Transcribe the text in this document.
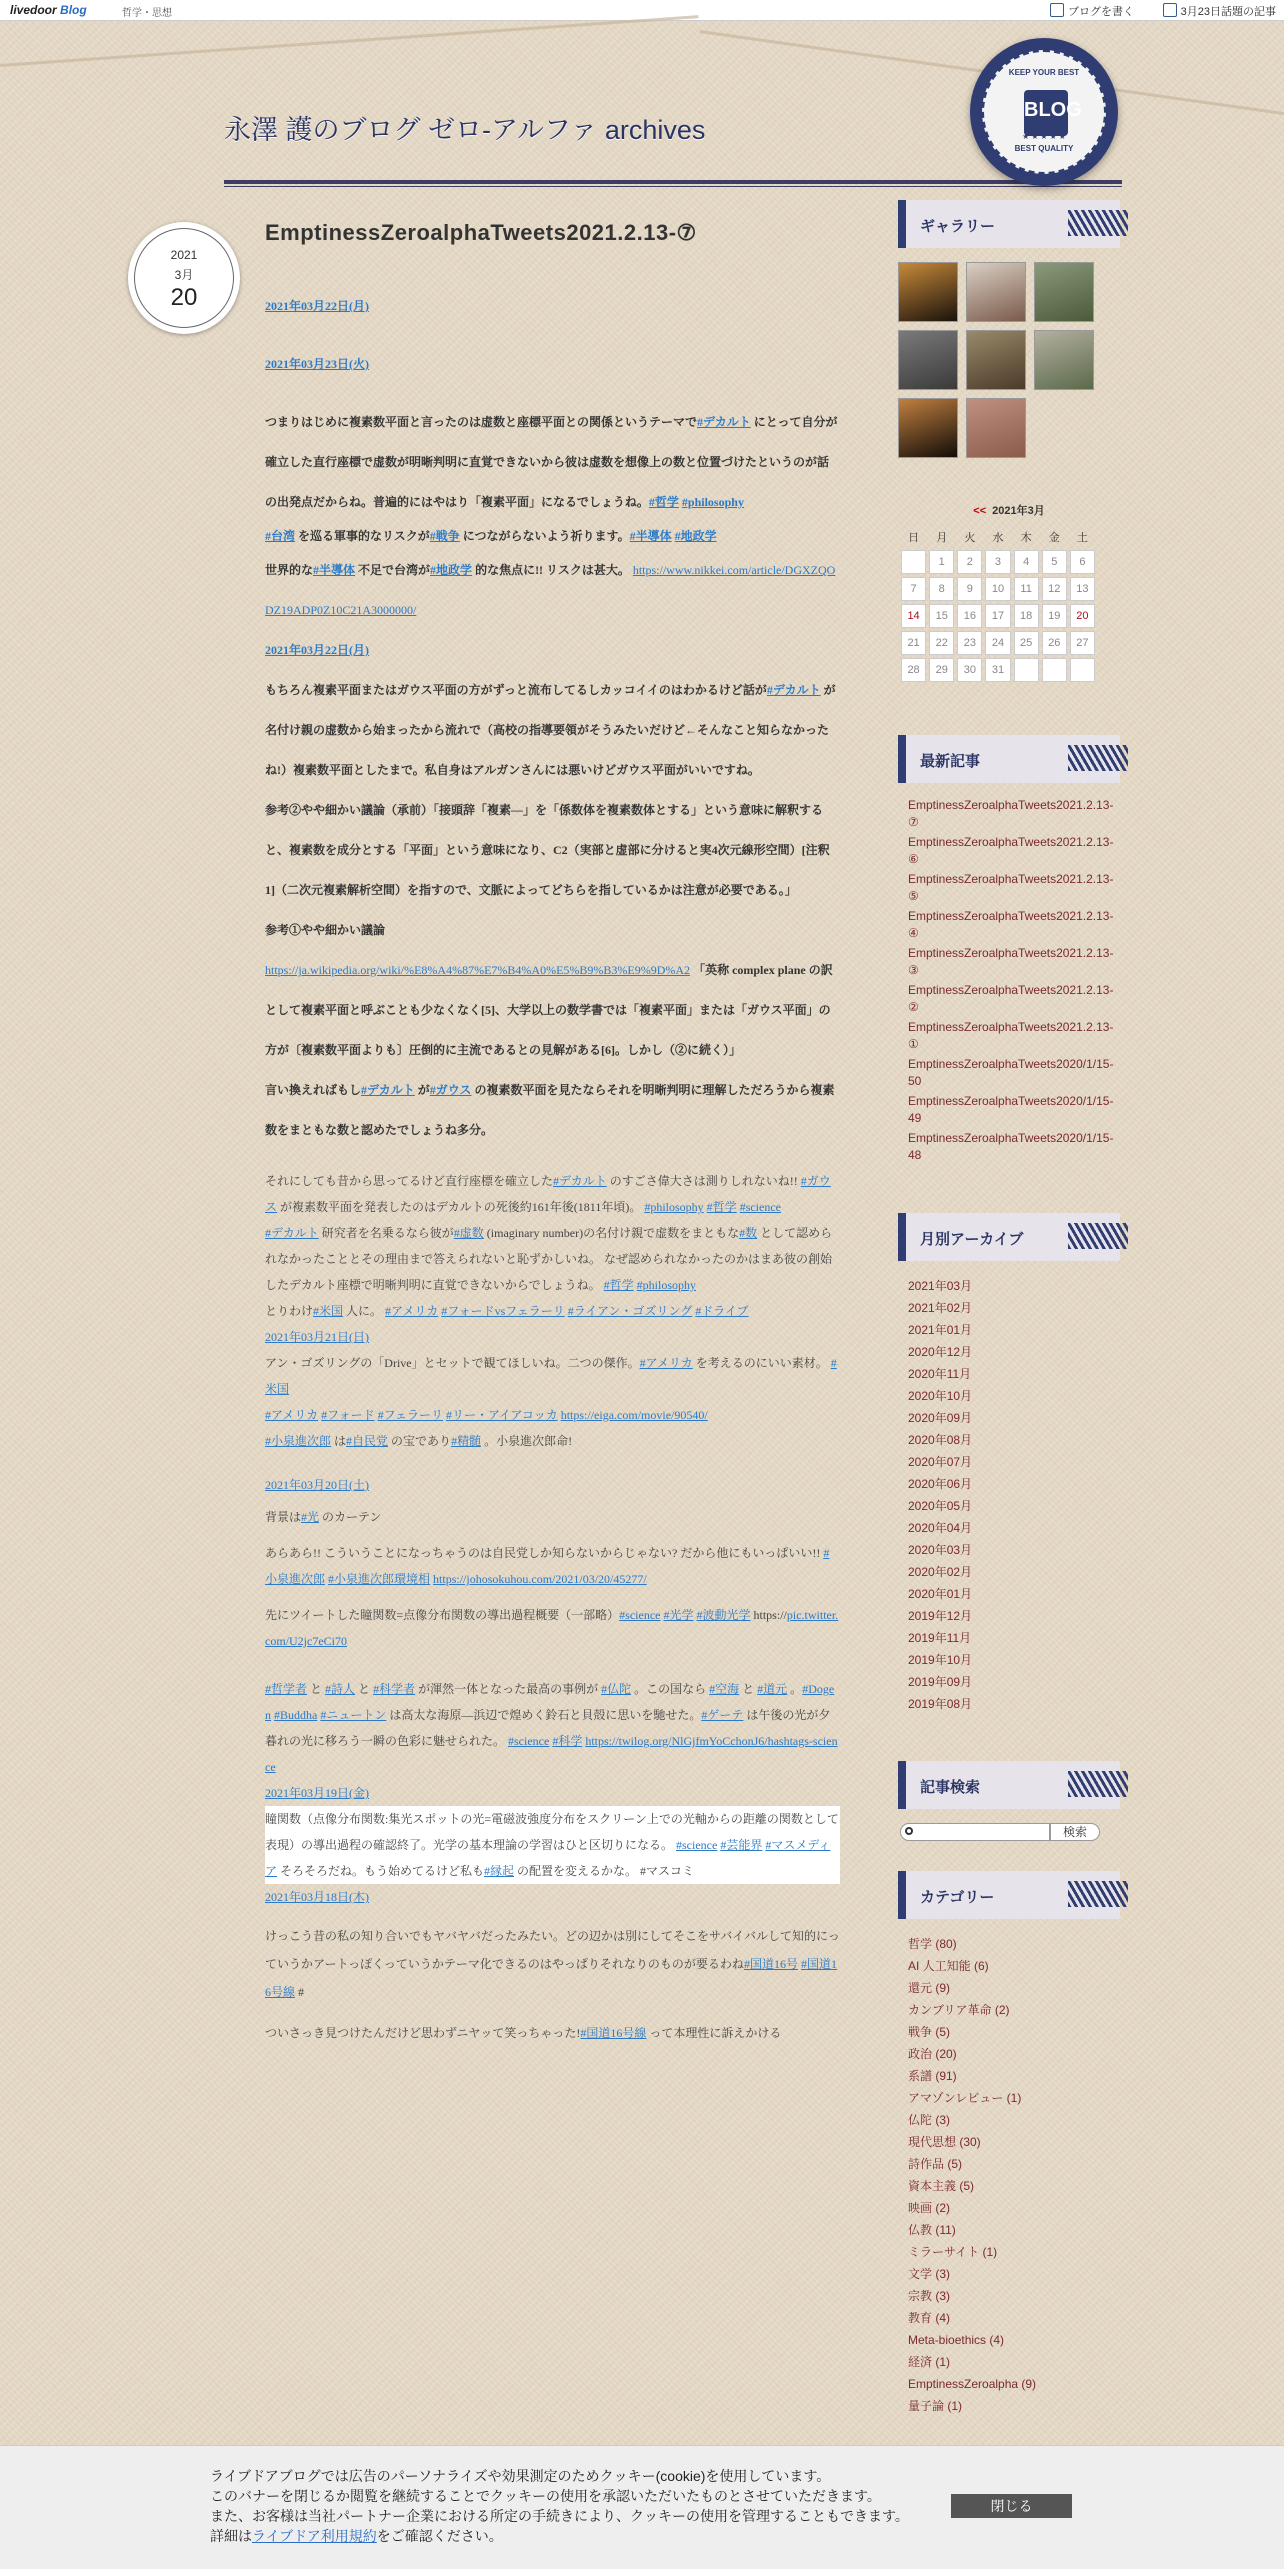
livedoor Blog	哲学・思想	ブログを書く	3月23日話題の記事
永澤 護のブログ ゼロ-アルファ archives
KEEP YOUR BEST
BLOG
★ ★ ★ ★ ★
BEST QUALITY
2021
3月
20
EmptinessZeroalphaTweets2021.2.13-⑦

2021年03月22日(月)

2021年03月23日(火)

つまりはじめに複素数平面と言ったのは虚数と座標平面との関係というテーマで#デカルト にとって自分が確立した直行座標で虚数が明晰判明に直覚できないから彼は虚数を想像上の数と位置づけたというのが話の出発点だからね。普遍的にはやはり「複素平面」になるでしょうね。#哲学 #philosophy

#台湾 を巡る軍事的なリスクが#戦争 につながらないよう祈ります。#半導体 #地政学

世界的な#半導体 不足で台湾が#地政学 的な焦点に!! リスクは甚大。 https://www.nikkei.com/article/DGXZQODZ19ADP0Z10C21A3000000/

2021年03月22日(月)

もちろん複素平面またはガウス平面の方がずっと流布してるしカッコイイのはわかるけど話が#デカルト が名付け親の虚数から始まったから流れで（高校の指導要領がそうみたいだけど←そんなこと知らなかったね!）複素数平面としたまで。私自身はアルガンさんには悪いけどガウス平面がいいですね。

参考②やや細かい議論（承前）「接頭辞「複素—」を「係数体を複素数体とする」という意味に解釈すると、複素数を成分とする「平面」という意味になり、C2（実部と虚部に分けると実4次元線形空間）[注釈 1]（二次元複素解析空間）を指すので、文脈によってどちらを指しているかは注意が必要である。」

参考①やや細かい議論
https://ja.wikipedia.org/wiki/%E8%A4%87%E7%B4%A0%E5%B9%B3%E9%9D%A2 「英称 complex plane の訳として複素平面と呼ぶことも少なくなく[5]、大学以上の数学書では「複素平面」または「ガウス平面」の方が〔複素数平面よりも〕圧倒的に主流であるとの見解がある[6]。しかし（②に続く）」

言い換えればもし#デカルト が#ガウス の複素数平面を見たならそれを明晰判明に理解しただろうから複素数をまともな数と認めたでしょうね多分。

それにしても昔から思ってるけど直行座標を確立した#デカルト のすごさ偉大さは測りしれないね!! #ガウス が複素数平面を発表したのはデカルトの死後約161年後(1811年頃)。 #philosophy #哲学 #science

#デカルト 研究者を名乗るなら彼が#虚数 (imaginary number)の名付け親で虚数をまともな#数 として認められなかったこととその理由まで答えられないと恥ずかしいね。 なぜ認められなかったのかはまあ彼の創始したデカルト座標で明晰判明に直覚できないからでしょうね。 #哲学 #philosophy

とりわけ#米国 人に。 #アメリカ #フォードvsフェラーリ #ライアン・ゴズリング #ドライブ

2021年03月21日(日)

アン・ゴズリングの「Drive」とセットで観てほしいね。二つの傑作。#アメリカ を考えるのにいい素材。 #米国

#アメリカ #フォード #フェラーリ #リー・アイアコッカ https://eiga.com/movie/90540/

#小泉進次郎 は#自民党 の宝であり#精髄 。小泉進次郎命!

2021年03月20日(土)

背景は#光 のカーテン

あらあら!! こういうことになっちゃうのは自民党しか知らないからじゃない? だから他にもいっぱいい!! #小泉進次郎 #小泉進次郎環境相 https://johosokuhou.com/2021/03/20/45277/

先にツイートした瞳関数=点像分布関数の導出過程概要（一部略）#science #光学 #波動光学 https://pic.twitter.com/U2jc7eCi70

#哲学者 と #詩人 と #科学者 が渾然一体となった最高の事例が #仏陀 。この国なら #空海 と #道元 。#Dogen #Buddha #ニュートン は高太な海原—浜辺で煌めく鈴石と貝殻に思いを馳せた。#ゲーテ は午後の光が夕暮れの光に移ろう一瞬の色彩に魅せられた。 #science #科学 https://twilog.org/NlGjfmYoCchonJ6/hashtags-science

2021年03月19日(金)

瞳関数（点像分布関数:集光スポットの光=電磁波強度分布をスクリーン上での光軸からの距離の関数として表現）の導出過程の確認終了。光学の基本理論の学習はひと区切りになる。 #science #芸能界 #マスメディア そろそろだね。もう始めてるけど私も#縁起 の配置を変えるかな。 #マスコミ

2021年03月18日(木)

けっこう昔の私の知り合いでもヤバヤバだったみたい。どの辺かは別にしてそこをサバイバルして知的にっていうかアートっぽくっていうかテーマ化できるのはやっぱりそれなりのものが要るわね#国道16号 #国道16号線 #

ついさっき見つけたんだけど思わずニヤッて笑っちゃった!#国道16号線 って本理性に訴えかける

ギャラリー
<< 2021年3月
日	月	火	水	木	金	土
	1	2	3	4	5	6
7	8	9	10	11	12	13
14	15	16	17	18	19	20
21	22	23	24	25	26	27
28	29	30	31			
最新記事
EmptinessZeroalphaTweets2021.2.13-⑦
EmptinessZeroalphaTweets2021.2.13-⑥
EmptinessZeroalphaTweets2021.2.13-⑤
EmptinessZeroalphaTweets2021.2.13-④
EmptinessZeroalphaTweets2021.2.13-③
EmptinessZeroalphaTweets2021.2.13-②
EmptinessZeroalphaTweets2021.2.13-①
EmptinessZeroalphaTweets2020/1/15-50
EmptinessZeroalphaTweets2020/1/15-49
EmptinessZeroalphaTweets2020/1/15-48
月別アーカイブ
2021年03月
2021年02月
2021年01月
2020年12月
2020年11月
2020年10月
2020年09月
2020年08月
2020年07月
2020年06月
2020年05月
2020年04月
2020年03月
2020年02月
2020年01月
2019年12月
2019年11月
2019年10月
2019年09月
2019年08月
記事検索
検索
カテゴリー
哲学 (80)
AI 人工知能 (6)
還元 (9)
カンブリア革命 (2)
戦争 (5)
政治 (20)
系譜 (91)
アマゾンレビュー (1)
仏陀 (3)
現代思想 (30)
詩作品 (5)
資本主義 (5)
映画 (2)
仏教 (11)
ミラーサイト (1)
文学 (3)
宗教 (3)
教育 (4)
Meta-bioethics (4)
経済 (1)
EmptinessZeroalpha (9)
量子論 (1)
ライブドアブログでは広告のパーソナライズや効果測定のためクッキー(cookie)を使用しています。
このバナーを閉じるか閲覧を継続することでクッキーの使用を承認いただいたものとさせていただきます。
また、お客様は当社パートナー企業における所定の手続きにより、クッキーの使用を管理することもできます。
詳細はライブドア利用規約をご確認ください。
閉じる
